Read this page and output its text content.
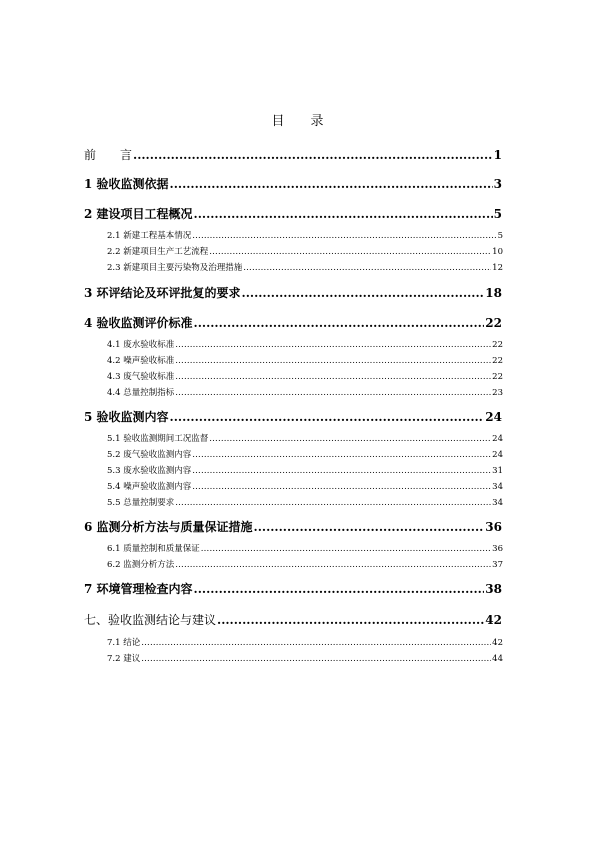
目 录
前　　言 .....	1
1 验收监测依据 .....	3
2 建设项目工程概况 .....	5
2.1 新建工程基本情况 .....	5
2.2 新建项目生产工艺流程 .....	10
2.3 新建项目主要污染物及治理措施 .....	12
3 环评结论及环评批复的要求 .....	18
4 验收监测评价标准 .....	22
4.1 废水验收标准 .....	22
4.2 噪声验收标准 .....	22
4.3 废气验收标准 .....	22
4.4 总量控制指标 .....	23
5 验收监测内容 .....	24
5.1 验收监测期间工况监督 .....	24
5.2 废气验收监测内容 .....	24
5.3 废水验收监测内容 .....	31
5.4 噪声验收监测内容 .....	34
5.5 总量控制要求 .....	34
6 监测分析方法与质量保证措施 .....	36
6.1 质量控制和质量保证 .....	36
6.2 监测分析方法 .....	37
7 环境管理检查内容 .....	38
七、验收监测结论与建议 .....	42
7.1 结论 .....	42
7.2 建议 .....	44
